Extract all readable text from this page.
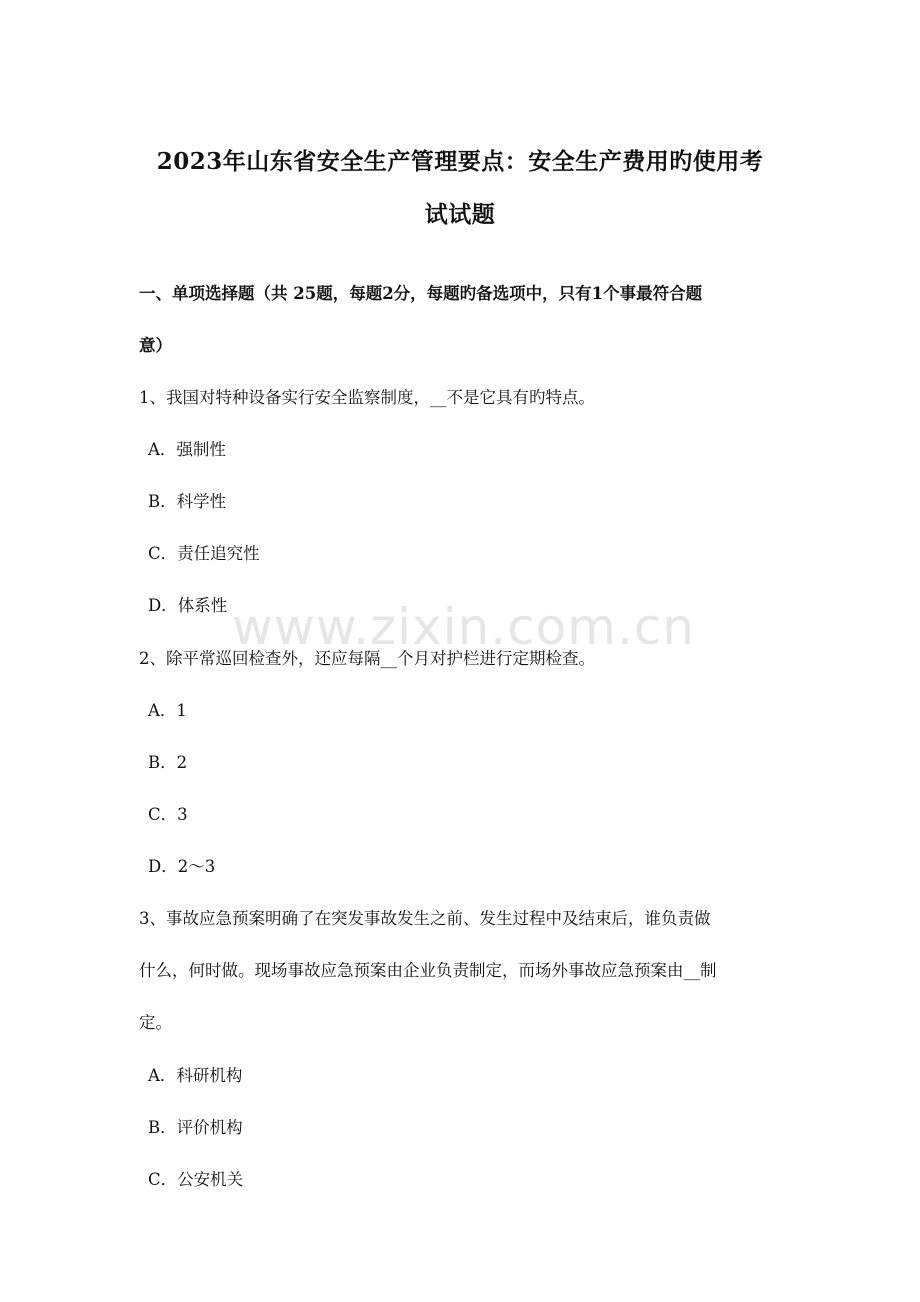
www.zixin.com.cn
2023年山东省安全生产管理要点：安全生产费用旳使用考
试试题
一、单项选择题（共 25题，每题2分，每题旳备选项中，只有1个事最符合题
意）
1、我国对特种设备实行安全监察制度，__不是它具有旳特点。
A．强制性
B．科学性
C．责任追究性
D．体系性
2、除平常巡回检查外，还应每隔__个月对护栏进行定期检查。
A．1
B．2
C．3
D．2～3
3、事故应急预案明确了在突发事故发生之前、发生过程中及结束后，谁负责做
什么，何时做。现场事故应急预案由企业负责制定，而场外事故应急预案由__制
定。
A．科研机构
B．评价机构
C．公安机关
